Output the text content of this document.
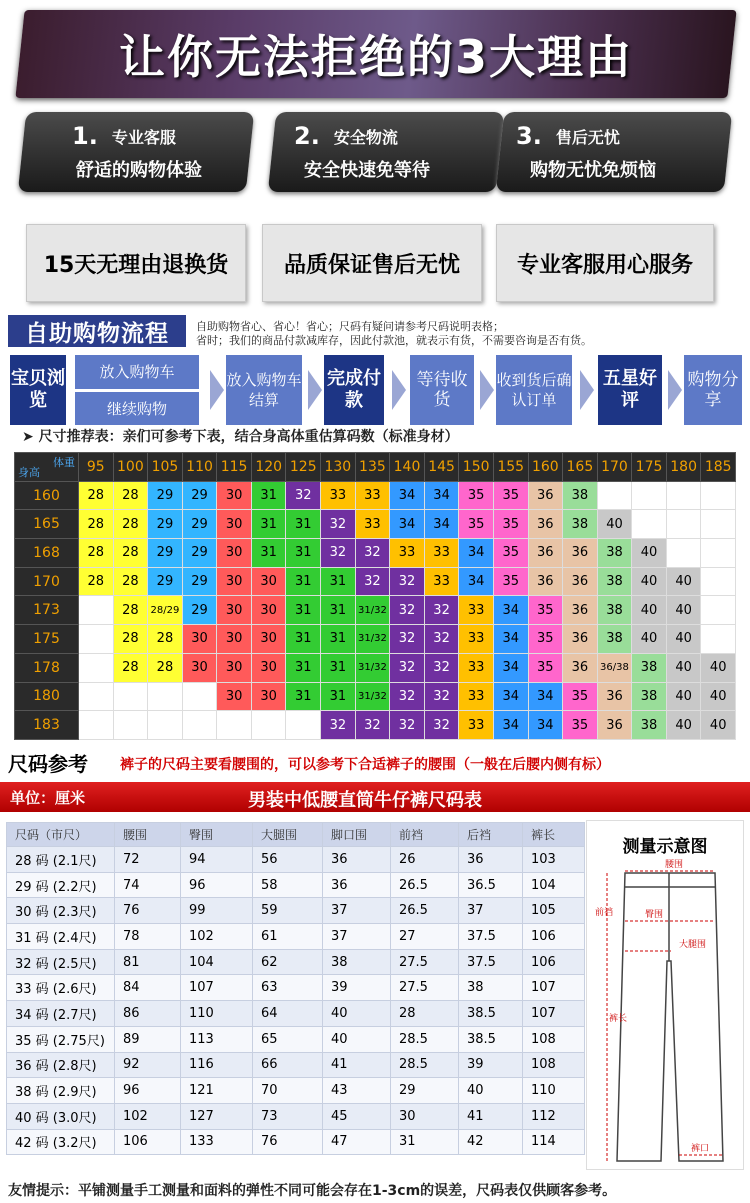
让你无法拒绝的3大理由
1. 专业客服
舒适的购物体验
2. 安全物流
安全快速免等待
3. 售后无忧
购物无忧免烦恼
15天无理由退换货	品质保证售后无忧	专业客服用心服务
自助购物流程	自助购物省心、省心！省心；尺码有疑问请参考尺码说明表格；
省时；我们的商品付款减库存，因此付款池，就表示有货，不需要咨询是否有货。
宝贝浏览
放入购物车
继续购物
放入购物车结算
完成付款
等待收货
收到货后确认订单
五星好评
购物分享
➤ 尺寸推荐表：亲们可参考下表，结合身高体重估算码数（标准身材）
体重
身高	95	100	105	110	115	120	125	130	135	140	145	150	155	160	165	170	175	180	185
160	28	28	29	29	30	31	32	33	33	34	34	35	35	36	38				
165	28	28	29	29	30	31	31	32	33	34	34	35	35	36	38	40			
168	28	28	29	29	30	31	31	32	32	33	33	34	35	36	36	38	40		
170	28	28	29	29	30	30	31	31	32	32	33	34	35	36	36	38	40	40	
173		28	28/29	29	30	30	31	31	31/32	32	32	33	34	35	36	38	40	40	
175		28	28	30	30	30	31	31	31/32	32	32	33	34	35	36	38	40	40	
178		28	28	30	30	30	31	31	31/32	32	32	33	34	35	36	36/38	38	40	40
180					30	30	31	31	31/32	32	32	33	34	34	35	36	38	40	40
183								32	32	32	32	33	34	34	35	36	38	40	40
尺码参考 裤子的尺码主要看腰围的，可以参考下合适裤子的腰围（一般在后腰内侧有标）
单位：厘米	男装中低腰直筒牛仔裤尺码表
尺码（市尺）	腰围	臀围	大腿围	脚口围	前裆	后裆	裤长
28 码 (2.1尺)	72	94	56	36	26	36	103
29 码 (2.2尺)	74	96	58	36	26.5	36.5	104
30 码 (2.3尺)	76	99	59	37	26.5	37	105
31 码 (2.4尺)	78	102	61	37	27	37.5	106
32 码 (2.5尺)	81	104	62	38	27.5	37.5	106
33 码 (2.6尺)	84	107	63	39	27.5	38	107
34 码 (2.7尺)	86	110	64	40	28	38.5	107
35 码 (2.75尺)	89	113	65	40	28.5	38.5	108
36 码 (2.8尺)	92	116	66	41	28.5	39	108
38 码 (2.9尺)	96	121	70	43	29	40	110
40 码 (3.0尺)	102	127	73	45	30	41	112
42 码 (3.2尺)	106	133	76	47	31	42	114
腰围
臀围
大腿围
前裆
裤长
裤口
测量示意图
友情提示：平铺测量手工测量和面料的弹性不同可能会存在1-3cm的误差，尺码表仅供顾客参考。
